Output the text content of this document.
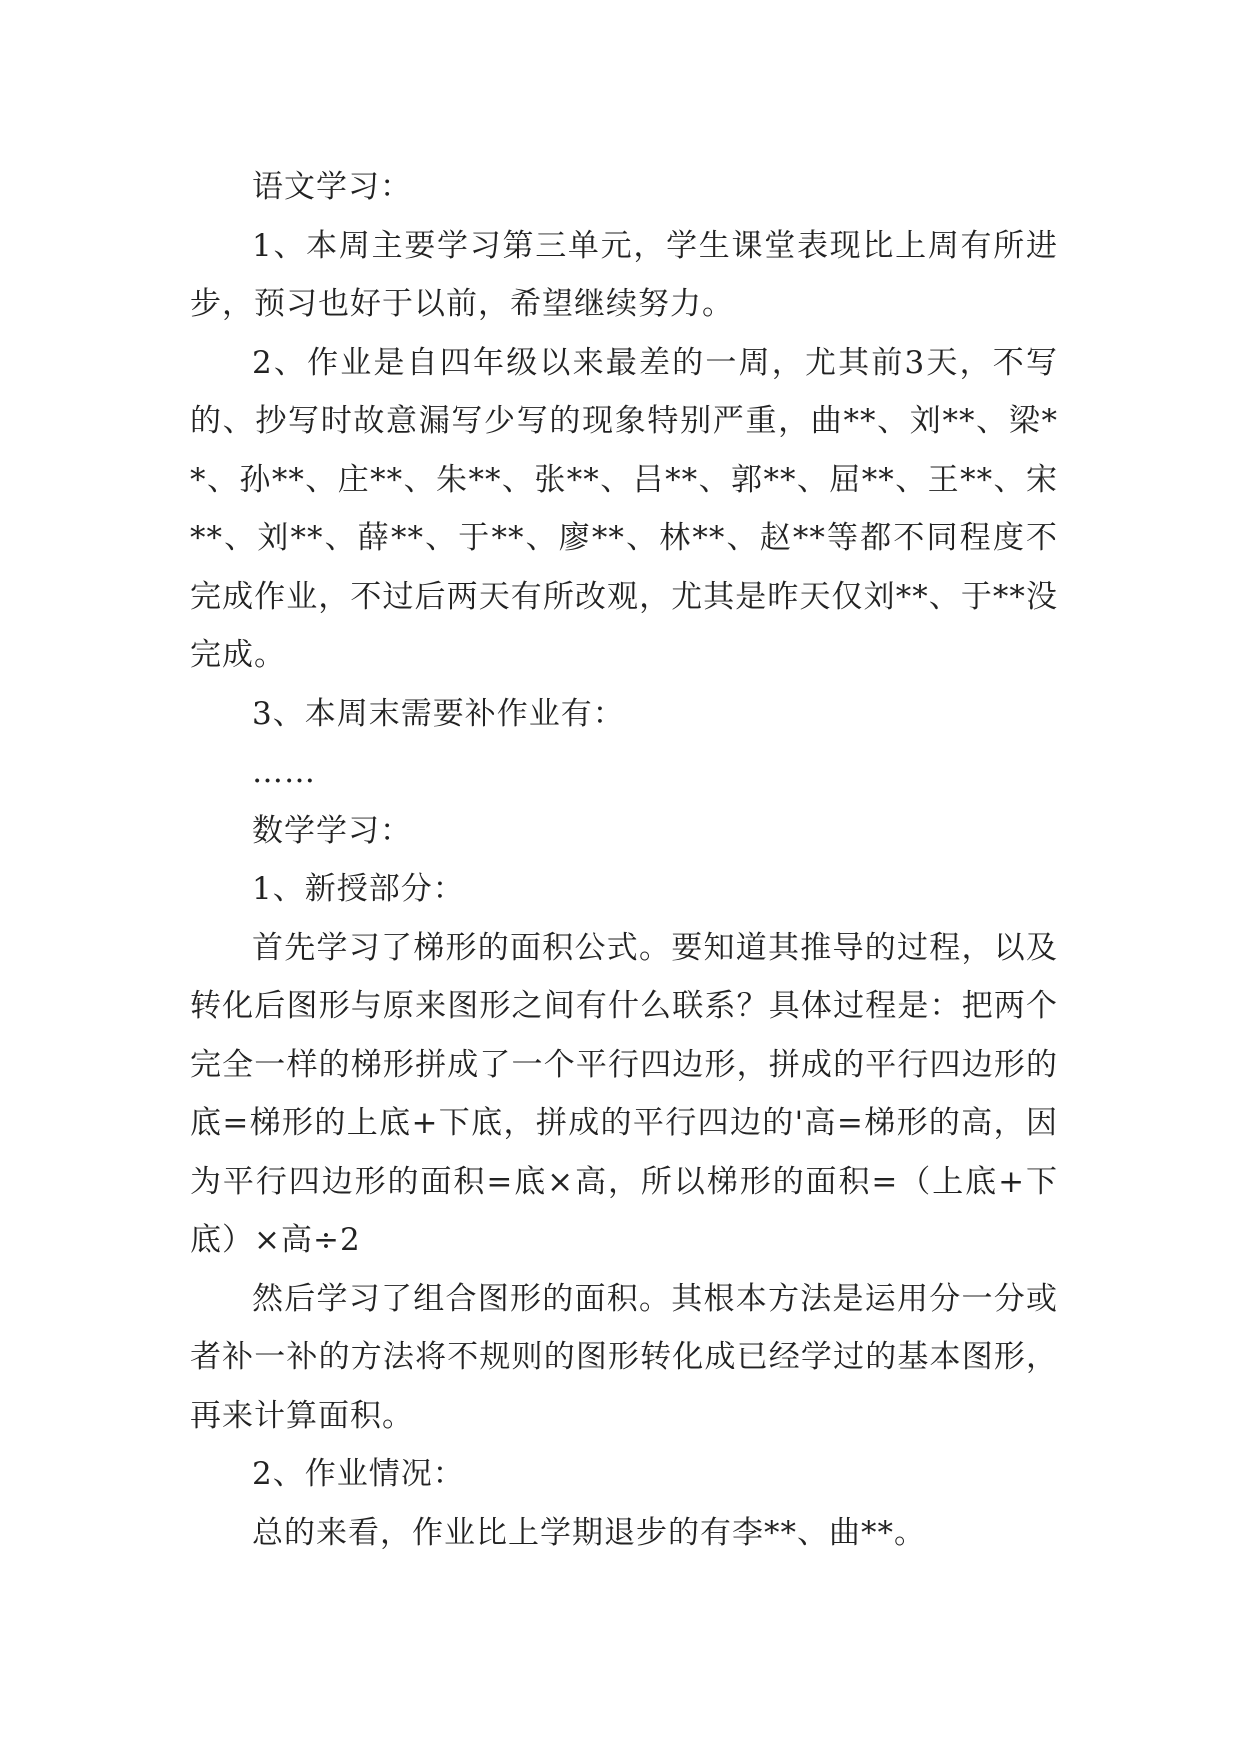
语文学习：

1、本周主要学习第三单元，学生课堂表现比上周有所进步，预习也好于以前，希望继续努力。

2、作业是自四年级以来最差的一周，尤其前3天，不写的、抄写时故意漏写少写的现象特别严重，曲**、刘**、梁**、孙**、庄**、朱**、张**、吕**、郭**、屈**、王**、宋**、刘**、薛**、于**、廖**、林**、赵**等都不同程度不完成作业，不过后两天有所改观，尤其是昨天仅刘**、于**没完成。

3、本周末需要补作业有：

……

数学学习：

1、新授部分：

首先学习了梯形的面积公式。要知道其推导的过程，以及转化后图形与原来图形之间有什么联系？具体过程是：把两个完全一样的梯形拼成了一个平行四边形，拼成的平行四边形的底=梯形的上底+下底，拼成的平行四边的'高=梯形的高，因为平行四边形的面积=底×高，所以梯形的面积=（上底+下底）×高÷2

然后学习了组合图形的面积。其根本方法是运用分一分或者补一补的方法将不规则的图形转化成已经学过的基本图形，再来计算面积。

2、作业情况：

总的来看，作业比上学期退步的有李**、曲**。
